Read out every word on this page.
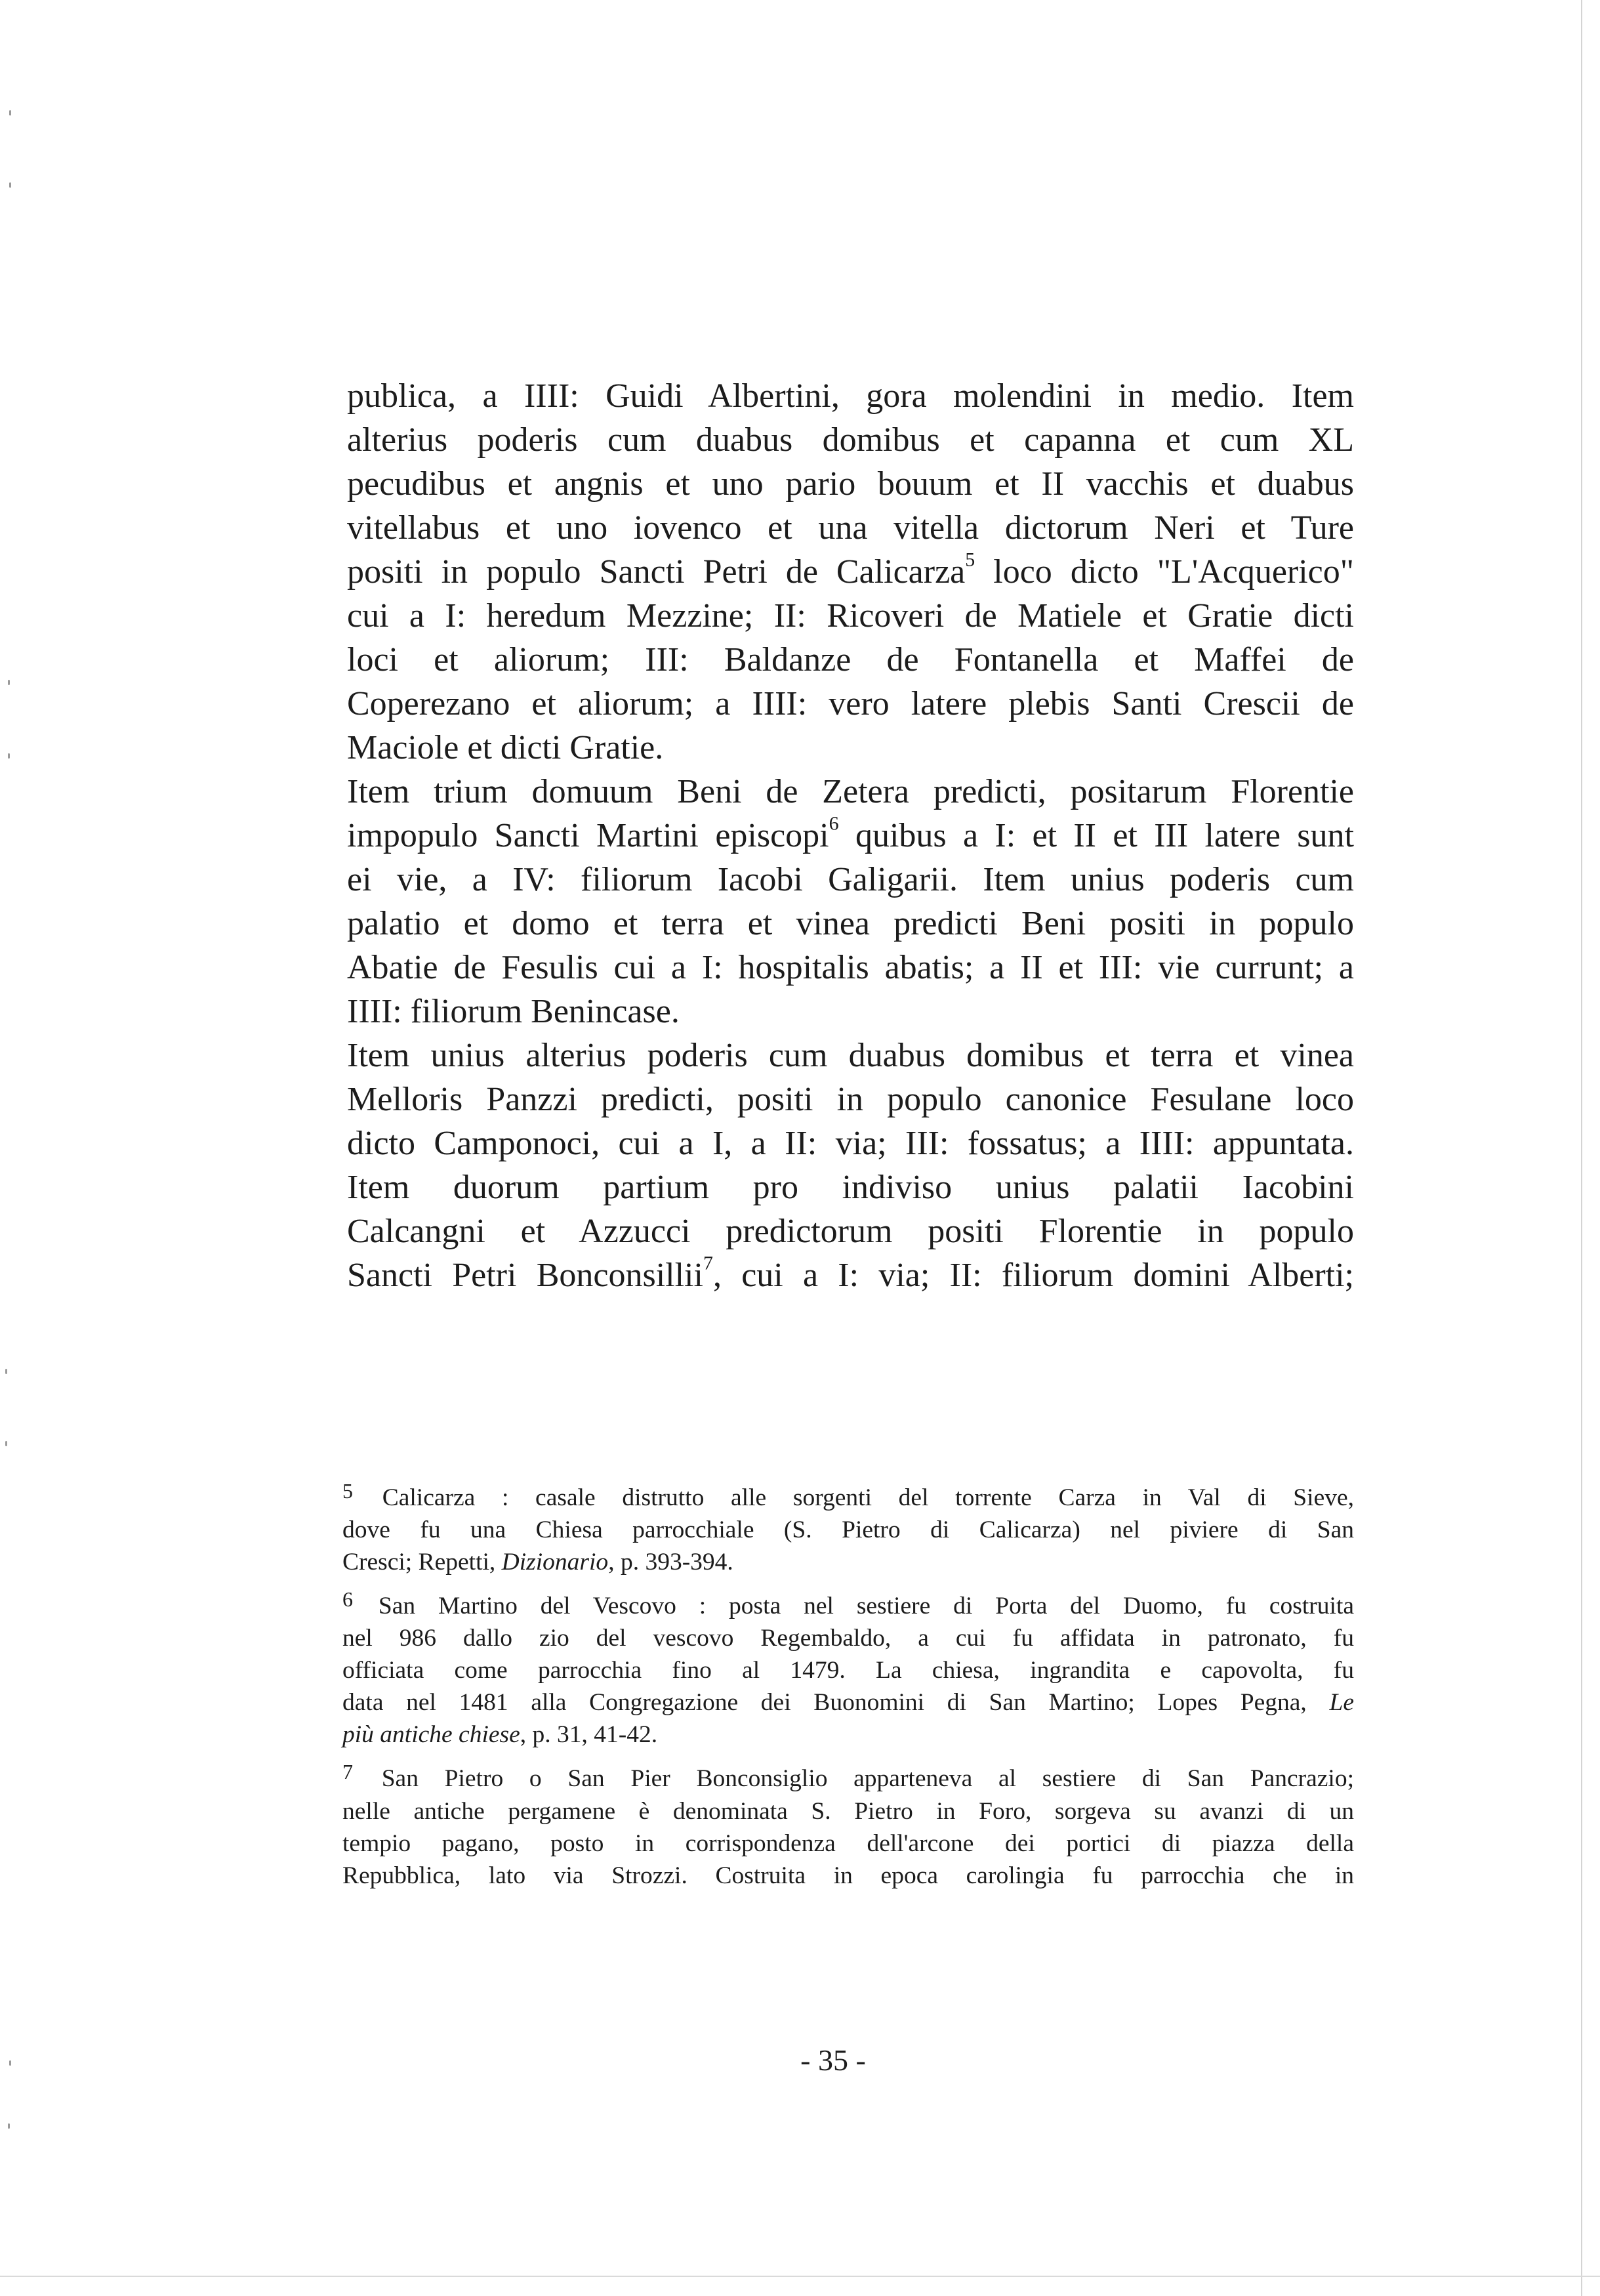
publica, a IIII: Guidi Albertini, gora molendini in medio. Item
alterius poderis cum duabus domibus et capanna et cum XL
pecudibus et angnis et uno pario bouum et II vacchis et duabus
vitellabus et uno iovenco et una vitella dictorum Neri et Ture
positi in populo Sancti Petri de Calicarza$^5$ loco dicto "L'Acquerico"
cui a I: heredum Mezzine; II: Ricoveri de Matiele et Gratie dicti
loci et aliorum; III: Baldanze de Fontanella et Maffei de
Coperezano et aliorum; a IIII: vero latere plebis Santi Crescii de
Maciole et dicti Gratie.
Item trium domuum Beni de Zetera predicti, positarum Florentie
impopulo Sancti Martini episcopi$^6$ quibus a I: et II et III latere sunt
ei vie, a IV: filiorum Iacobi Galigarii. Item unius poderis cum
palatio et domo et terra et vinea predicti Beni positi in populo
Abatie de Fesulis cui a I: hospitalis abatis; a II et III: vie currunt; a
IIII: filiorum Benincase.
Item unius alterius poderis cum duabus domibus et terra et vinea
Melloris Panzzi predicti, positi in populo canonice Fesulane loco
dicto Camponoci, cui a I, a II: via; III: fossatus; a IIII: appuntata.
Item duorum partium pro indiviso unius palatii Iacobini
Calcangni et Azzucci predictorum positi Florentie in populo
Sancti Petri Bonconsillii$^7$, cui a I: via; II: filiorum domini Alberti;
5 Calicarza : casale distrutto alle sorgenti del torrente Carza in Val di Sieve,
dove fu una Chiesa parrocchiale (S. Pietro di Calicarza) nel piviere di San
Cresci; Repetti, Dizionario, p. 393-394.
6 San Martino del Vescovo : posta nel sestiere di Porta del Duomo, fu costruita
nel 986 dallo zio del vescovo Regembaldo, a cui fu affidata in patronato, fu
officiata come parrocchia fino al 1479. La chiesa, ingrandita e capovolta, fu
data nel 1481 alla Congregazione dei Buonomini di San Martino; Lopes Pegna, Le
più antiche chiese, p. 31, 41-42.
7 San Pietro o San Pier Bonconsiglio apparteneva al sestiere di San Pancrazio;
nelle antiche pergamene è denominata S. Pietro in Foro, sorgeva su avanzi di un
tempio pagano, posto in corrispondenza dell'arcone dei portici di piazza della
Repubblica, lato via Strozzi. Costruita in epoca carolingia fu parrocchia che in
- 35 -
